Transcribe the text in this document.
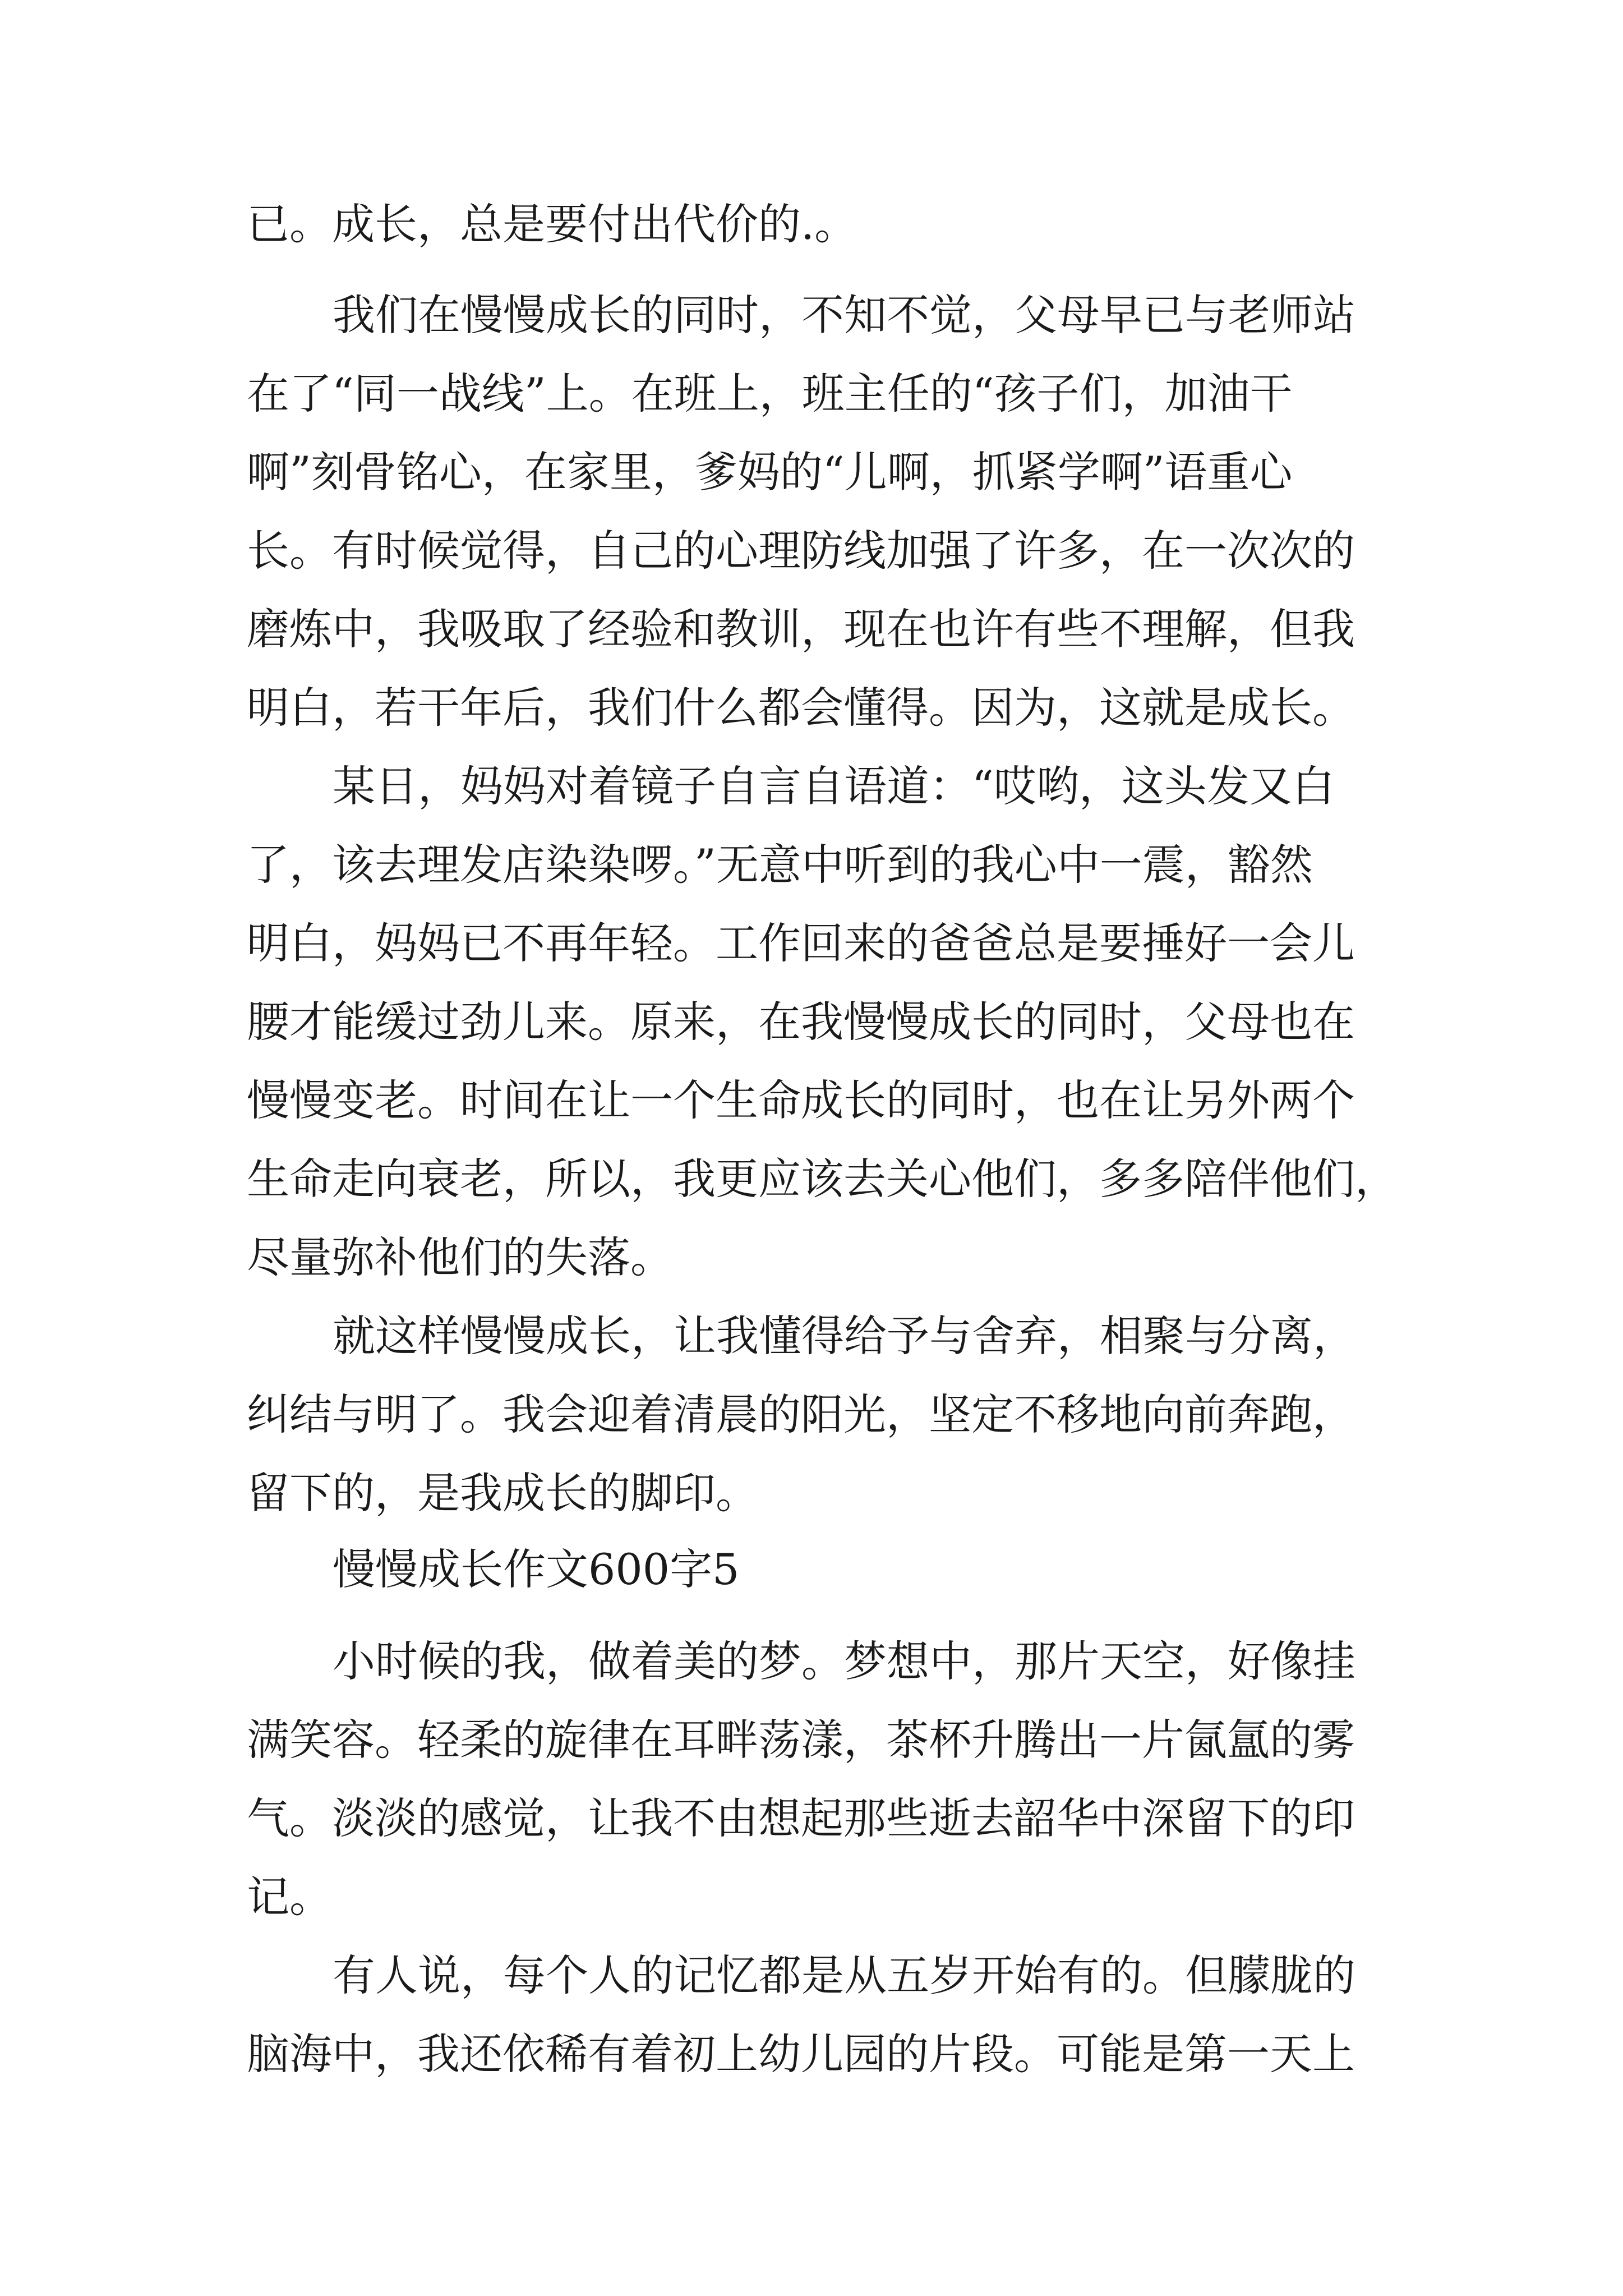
已。成长，总是要付出代价的.。

我们在慢慢成长的同时，不知不觉，父母早已与老师站

在了“同一战线”上。在班上，班主任的“孩子们，加油干

啊”刻骨铭心，在家里，爹妈的“儿啊，抓紧学啊”语重心

长。有时候觉得，自己的心理防线加强了许多，在一次次的

磨炼中，我吸取了经验和教训，现在也许有些不理解，但我

明白，若干年后，我们什么都会懂得。因为，这就是成长。

某日，妈妈对着镜子自言自语道：“哎哟，这头发又白

了，该去理发店染染啰。”无意中听到的我心中一震，豁然

明白，妈妈已不再年轻。工作回来的爸爸总是要捶好一会儿

腰才能缓过劲儿来。原来，在我慢慢成长的同时，父母也在

慢慢变老。时间在让一个生命成长的同时，也在让另外两个

生命走向衰老，所以，我更应该去关心他们，多多陪伴他们，

尽量弥补他们的失落。

就这样慢慢成长，让我懂得给予与舍弃，相聚与分离，

纠结与明了。我会迎着清晨的阳光，坚定不移地向前奔跑，

留下的，是我成长的脚印。

慢慢成长作文600字5

小时候的我，做着美的梦。梦想中，那片天空，好像挂

满笑容。轻柔的旋律在耳畔荡漾，茶杯升腾出一片氤氲的雾

气。淡淡的感觉，让我不由想起那些逝去韶华中深留下的印

记。

有人说，每个人的记忆都是从五岁开始有的。但朦胧的

脑海中，我还依稀有着初上幼儿园的片段。可能是第一天上
